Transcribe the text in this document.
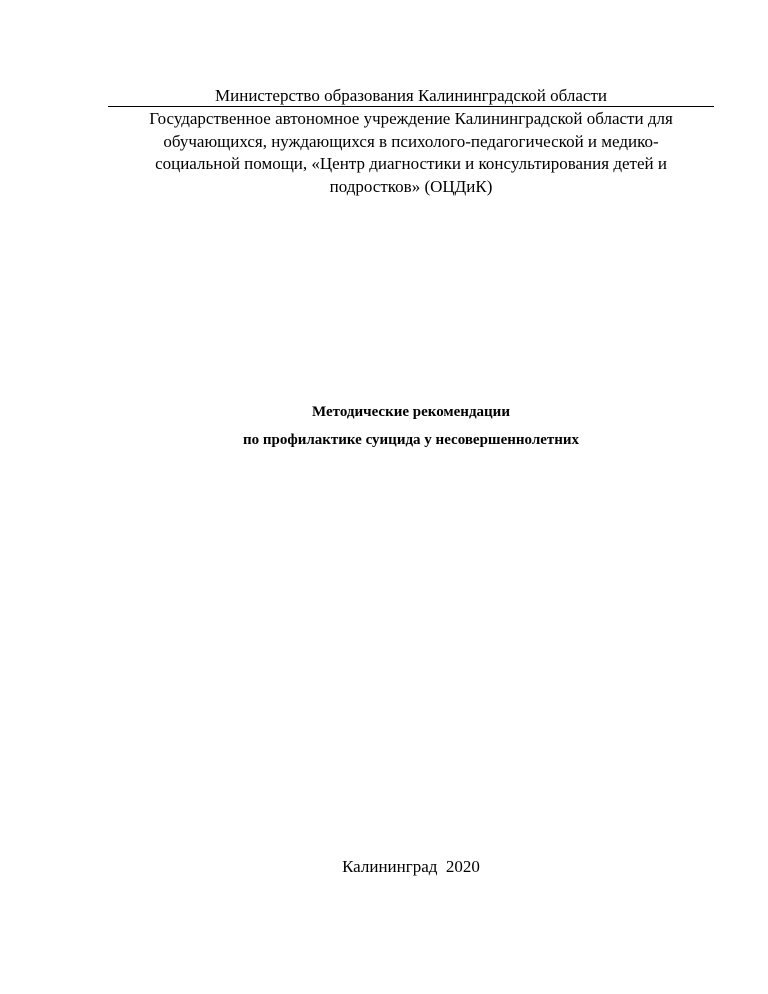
Министерство образования Калининградской области

Государственное автономное учреждение Калининградской области для
обучающихся, нуждающихся в психолого-педагогической и медико-
социальной помощи, «Центр диагностики и консультирования детей и
подростков» (ОЦДиК)

Методические рекомендации
по профилактике суицида у несовершеннолетних

Калининград  2020
